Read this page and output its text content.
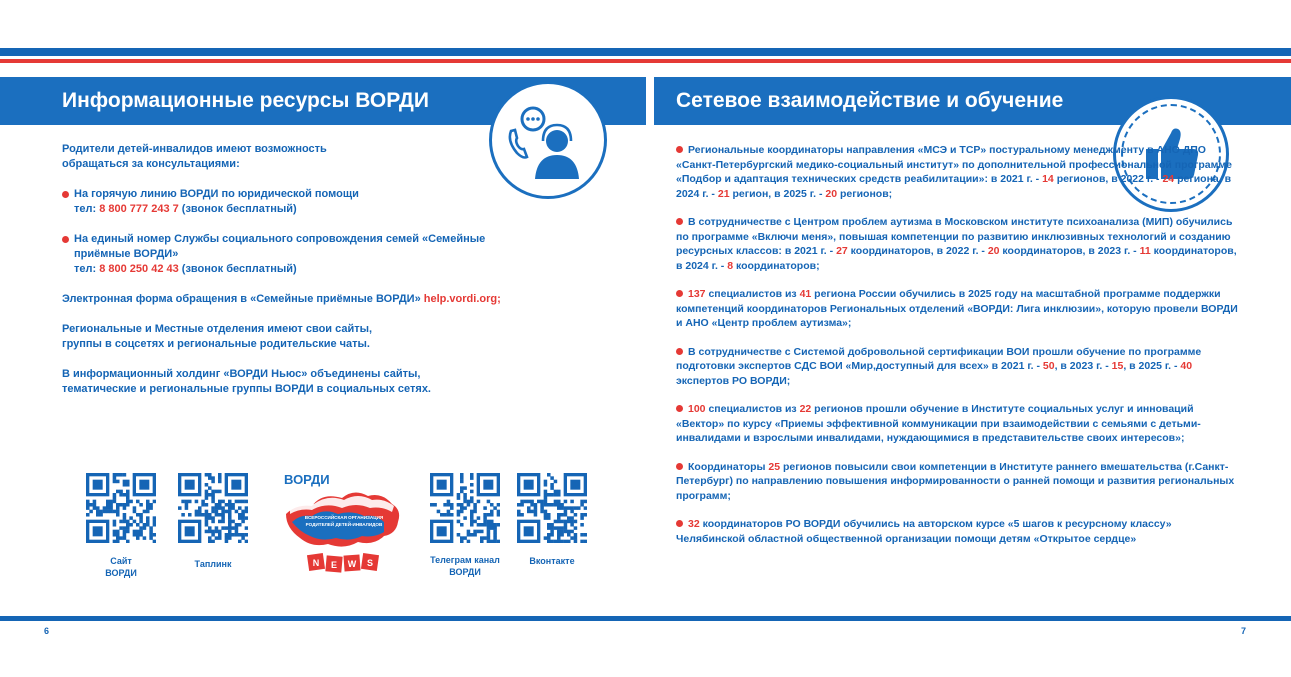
Информационные ресурсы ВОРДИ

Родители детей-инвалидов имеют возможность
обращаться за консультациями:

На горячую линию ВОРДИ по юридической помощи
тел: 8 800 777 243 7 (звонок бесплатный)

На единый номер Службы социального сопровождения семей «Семейные приёмные ВОРДИ»
тел: 8 800 250 42 43 (звонок бесплатный)

Электронная форма обращения в «Семейные приёмные ВОРДИ» help.vordi.org;

Региональные и Местные отделения имеют свои сайты,
группы в соцсетях и региональные родительские чаты.

В информационный холдинг «ВОРДИ Ньюс» объединены сайты,
тематические и региональные группы ВОРДИ в социальных сетях.

Сайт
ВОРДИ
Таплинк	Телеграм канал
ВОРДИ
Вконтакте
ВОРДИ
ВСЕРОССИЙСКАЯ ОРГАНИЗАЦИЯ
РОДИТЕЛЕЙ ДЕТЕЙ-ИНВАЛИДОВ
N E W S
Сетевое взаимодействие и обучение
Региональные координаторы направления «МСЭ и ТСР» постуральному менеджменту в АНО ДПО «Санкт-Петербургский медико-социальный институт» по дополнительной профессиональной программе «Подбор и адаптация технических средств реабилитации»: в 2021 г. - 14 регионов, в 2022 г. - 24 региона, в 2024 г. - 21 регион, в 2025 г. - 20 регионов;
В сотрудничестве с Центром проблем аутизма в Московском институте психоанализа (МИП) обучились по программе «Включи меня», повышая компетенции по развитию инклюзивных технологий и созданию ресурсных классов: в 2021 г. - 27 координаторов, в 2022 г. - 20 координаторов, в 2023 г. - 11 координаторов, в 2024 г. - 8 координаторов;
137 специалистов из 41 региона России обучились в 2025 году на масштабной программе поддержки компетенций координаторов Региональных отделений «ВОРДИ: Лига инклюзии», которую провели ВОРДИ и АНО «Центр проблем аутизма»;
В сотрудничестве с Системой добровольной сертификации ВОИ прошли обучение по программе подготовки экспертов СДС ВОИ «Мир,доступный для всех» в 2021 г. - 50, в 2023 г. - 15, в 2025 г. - 40 экспертов РО ВОРДИ;
100 специалистов из 22 регионов прошли обучение в Институте социальных услуг и инноваций «Вектор» по курсу «Приемы эффективной коммуникации при взаимодействии с семьями с детьми-инвалидами и взрослыми инвалидами, нуждающимися в представительстве своих интересов»;
Координаторы 25 регионов повысили свои компетенции в Институте раннего вмешательства (г.Санкт-Петербург) по направлению повышения информированности о ранней помощи и развития региональных программ;
32 координаторов РО ВОРДИ обучились на авторском курсе «5 шагов к ресурсному классу» Челябинской областной общественной организации помощи детям «Открытое сердце»
6	7
